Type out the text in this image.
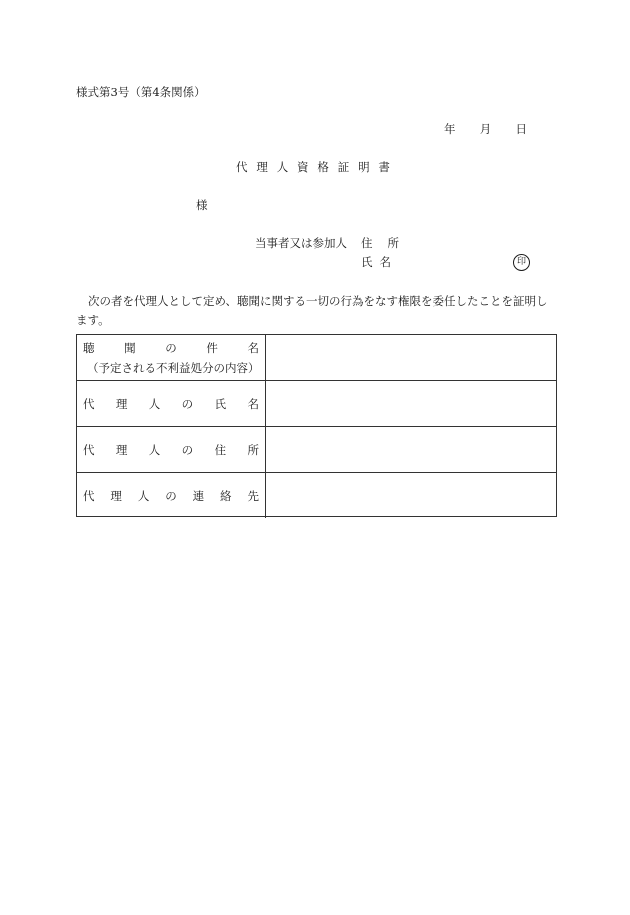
様式第3号（第4条関係）
年 月 日
代 理 人 資 格 証 明 書
様
当事者又は参加人 住 所
氏 名	印
次の者を代理人として定め、聴聞に関する一切の行為をなす権限を委任したことを証明します。
聴	聞	の	件	名
（予定される不利益処分の内容）
代 理 人 の 氏 名
代 理 人 の 住 所
代 理 人 の 連 絡 先
